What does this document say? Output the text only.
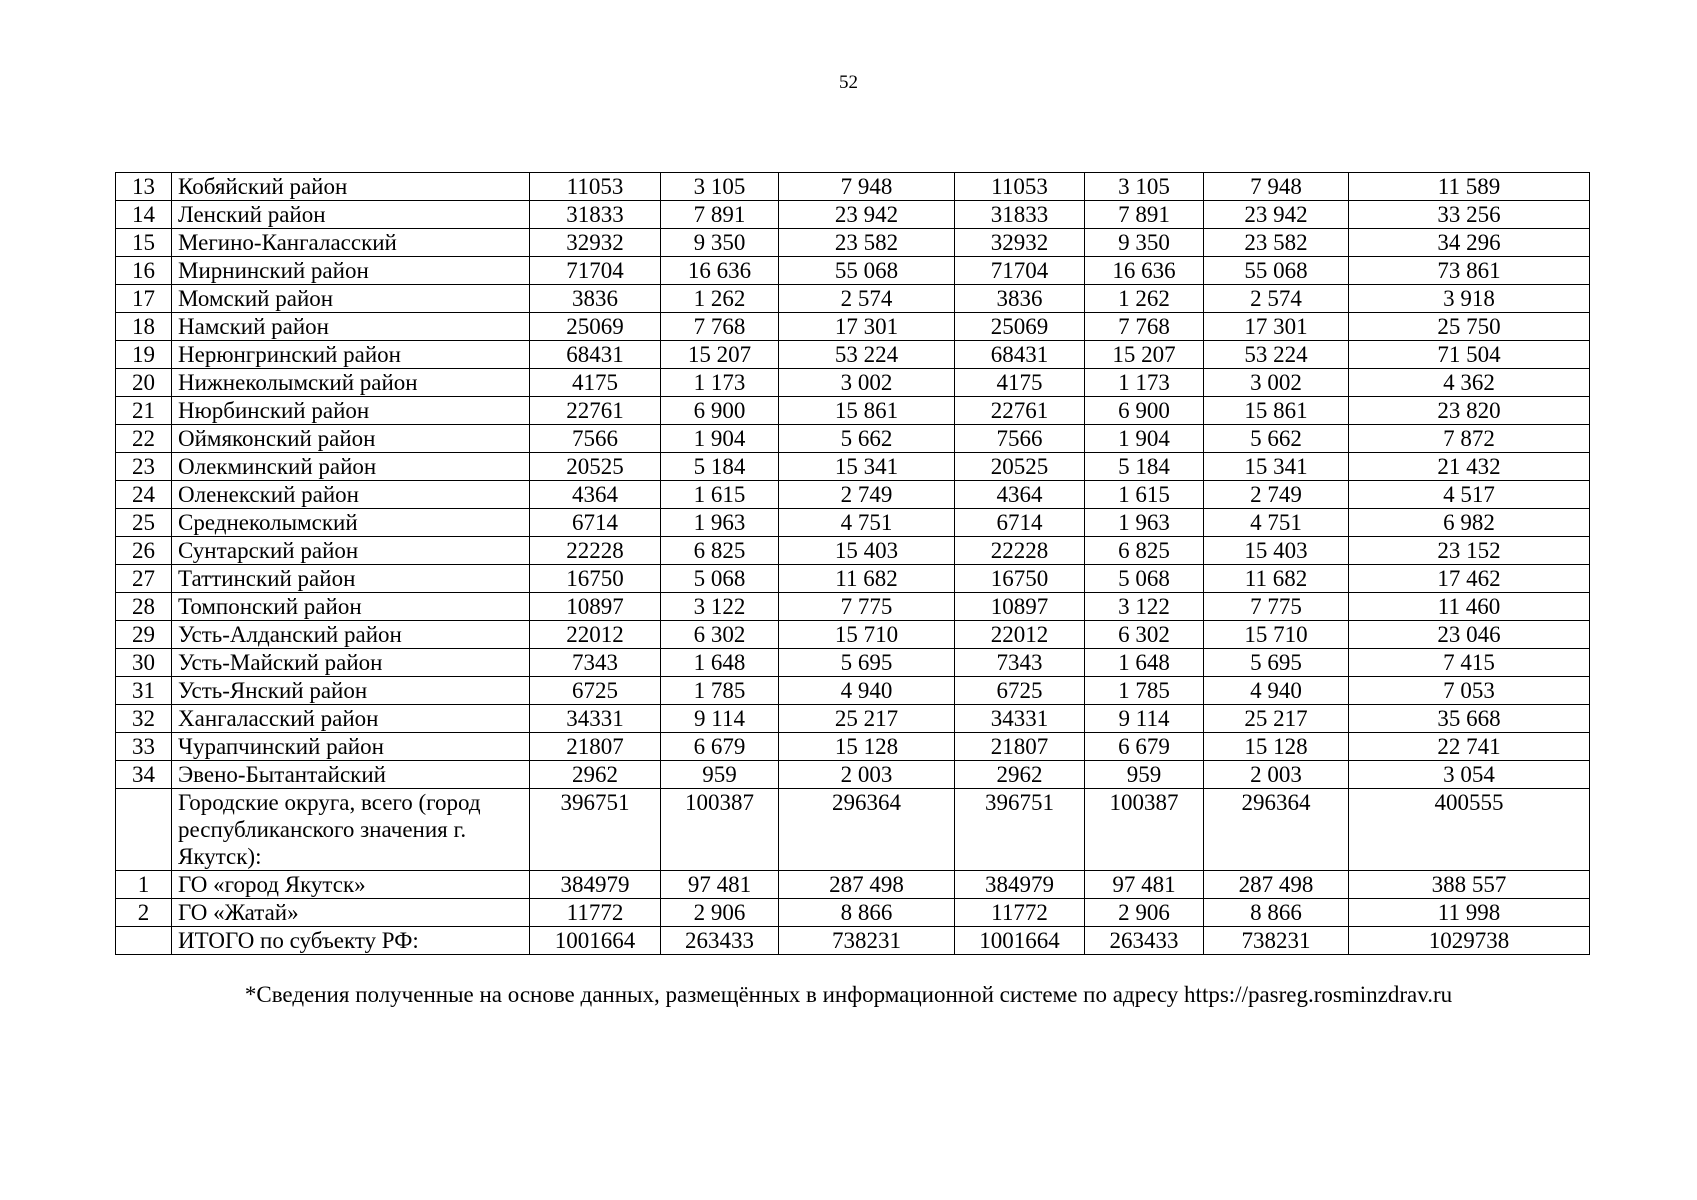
52
13	Кобяйский район	11053	3 105	7 948	11053	3 105	7 948	11 589
14	Ленский район	31833	7 891	23 942	31833	7 891	23 942	33 256
15	Мегино-Кангаласский	32932	9 350	23 582	32932	9 350	23 582	34 296
16	Мирнинский район	71704	16 636	55 068	71704	16 636	55 068	73 861
17	Момский район	3836	1 262	2 574	3836	1 262	2 574	3 918
18	Намский район	25069	7 768	17 301	25069	7 768	17 301	25 750
19	Нерюнгринский район	68431	15 207	53 224	68431	15 207	53 224	71 504
20	Нижнеколымский район	4175	1 173	3 002	4175	1 173	3 002	4 362
21	Нюрбинский район	22761	6 900	15 861	22761	6 900	15 861	23 820
22	Оймяконский район	7566	1 904	5 662	7566	1 904	5 662	7 872
23	Олекминский район	20525	5 184	15 341	20525	5 184	15 341	21 432
24	Оленекский район	4364	1 615	2 749	4364	1 615	2 749	4 517
25	Среднеколымский	6714	1 963	4 751	6714	1 963	4 751	6 982
26	Сунтарский район	22228	6 825	15 403	22228	6 825	15 403	23 152
27	Таттинский район	16750	5 068	11 682	16750	5 068	11 682	17 462
28	Томпонский район	10897	3 122	7 775	10897	3 122	7 775	11 460
29	Усть-Алданский район	22012	6 302	15 710	22012	6 302	15 710	23 046
30	Усть-Майский район	7343	1 648	5 695	7343	1 648	5 695	7 415
31	Усть-Янский район	6725	1 785	4 940	6725	1 785	4 940	7 053
32	Хангаласский район	34331	9 114	25 217	34331	9 114	25 217	35 668
33	Чурапчинский район	21807	6 679	15 128	21807	6 679	15 128	22 741
34	Эвено-Бытантайский	2962	959	2 003	2962	959	2 003	3 054
	Городские округа, всего (город республиканского значения г. Якутск):	396751	100387	296364	396751	100387	296364	400555
1	ГО «город Якутск»	384979	97 481	287 498	384979	97 481	287 498	388 557
2	ГО «Жатай»	11772	2 906	8 866	11772	2 906	8 866	11 998
	ИТОГО по субъекту РФ:	1001664	263433	738231	1001664	263433	738231	1029738
*Сведения полученные на основе данных, размещённых в информационной системе по адресу https://pasreg.rosminzdrav.ru
